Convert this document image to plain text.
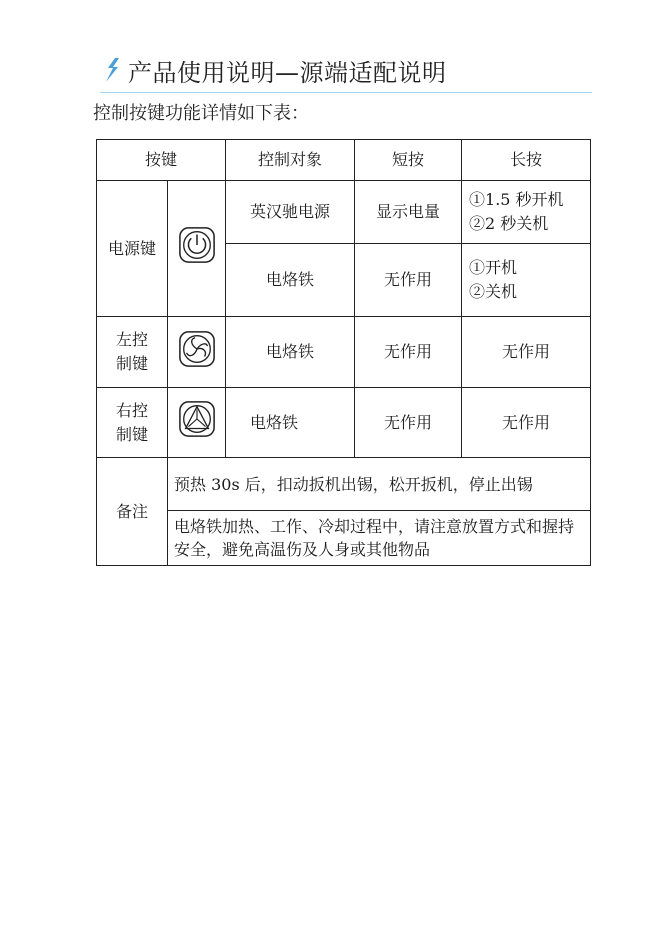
产品使用说明—源端适配说明
控制按键功能详情如下表：
按键		控制对象	短按	长按
电源键		英汉驰电源	显示电量	①1.5 秒开机
②2 秒关机

		电烙铁	无作用	①开机
②关机

左控
制键		电烙铁	无作用	无作用

右控
制键		电烙铁	无作用	无作用
备注	预热 30s 后，扣动扳机出锡，松开扳机，停止出锡			
	电烙铁加热、工作、冷却过程中，请注意放置方式和握持安全，避免高温伤及人身或其他物品			
